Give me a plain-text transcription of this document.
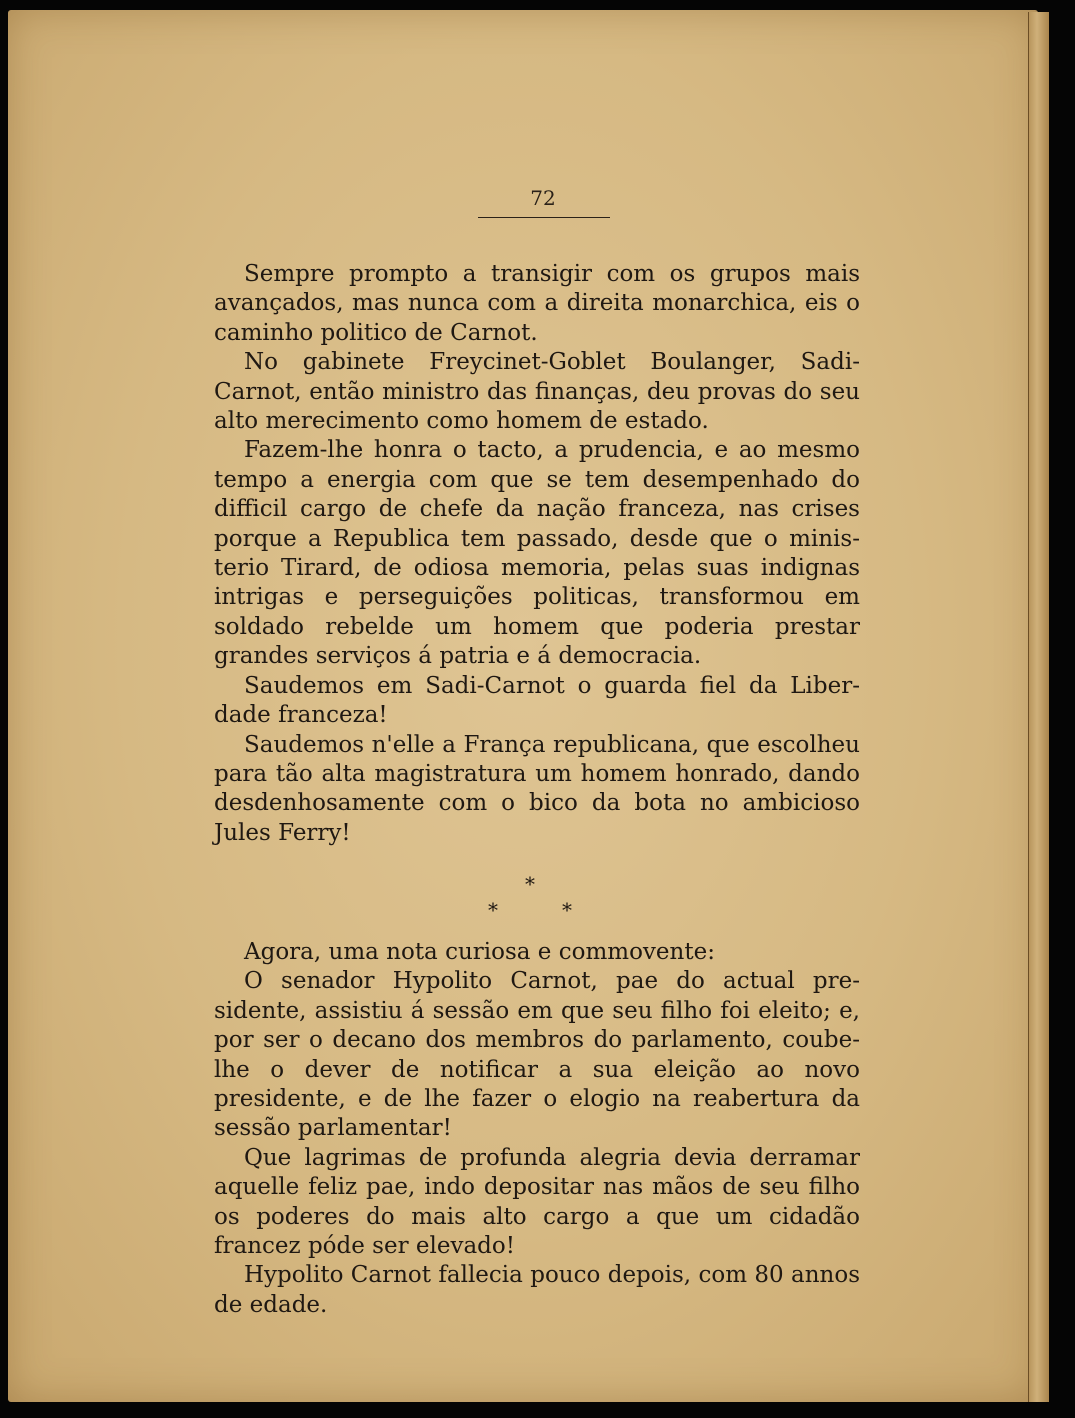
72

Sempre prompto a transigir com os grupos mais avançados, mas nunca com a direita monarchica, eis o caminho politico de Carnot.

No gabinete Freycinet-Goblet Boulanger, Sadi-Carnot, então ministro das finanças, deu provas do seu alto merecimento como homem de estado.

Fazem-lhe honra o tacto, a prudencia, e ao mesmo tempo a energia com que se tem desempenhado do difficil cargo de chefe da nação franceza, nas crises porque a Republica tem passado, desde que o ministerio Tirard, de odiosa memoria, pelas suas indignas intrigas e perseguições politicas, transformou em soldado rebelde um homem que poderia prestar grandes serviços á patria e á democracia.

Saudemos em Sadi-Carnot o guarda fiel da Liberdade franceza!

Saudemos n'elle a França republicana, que escolheu para tão alta magistratura um homem honrado, dando desdenhosamente com o bico da bota no ambicioso Jules Ferry!

*
*	*

Agora, uma nota curiosa e commovente:

O senador Hypolito Carnot, pae do actual presidente, assistiu á sessão em que seu filho foi eleito; e, por ser o decano dos membros do parlamento, coube-lhe o dever de notificar a sua eleição ao novo presidente, e de lhe fazer o elogio na reabertura da sessão parlamentar!

Que lagrimas de profunda alegria devia derramar aquelle feliz pae, indo depositar nas mãos de seu filho os poderes do mais alto cargo a que um cidadão francez póde ser elevado!

Hypolito Carnot fallecia pouco depois, com 80 annos de edade.
